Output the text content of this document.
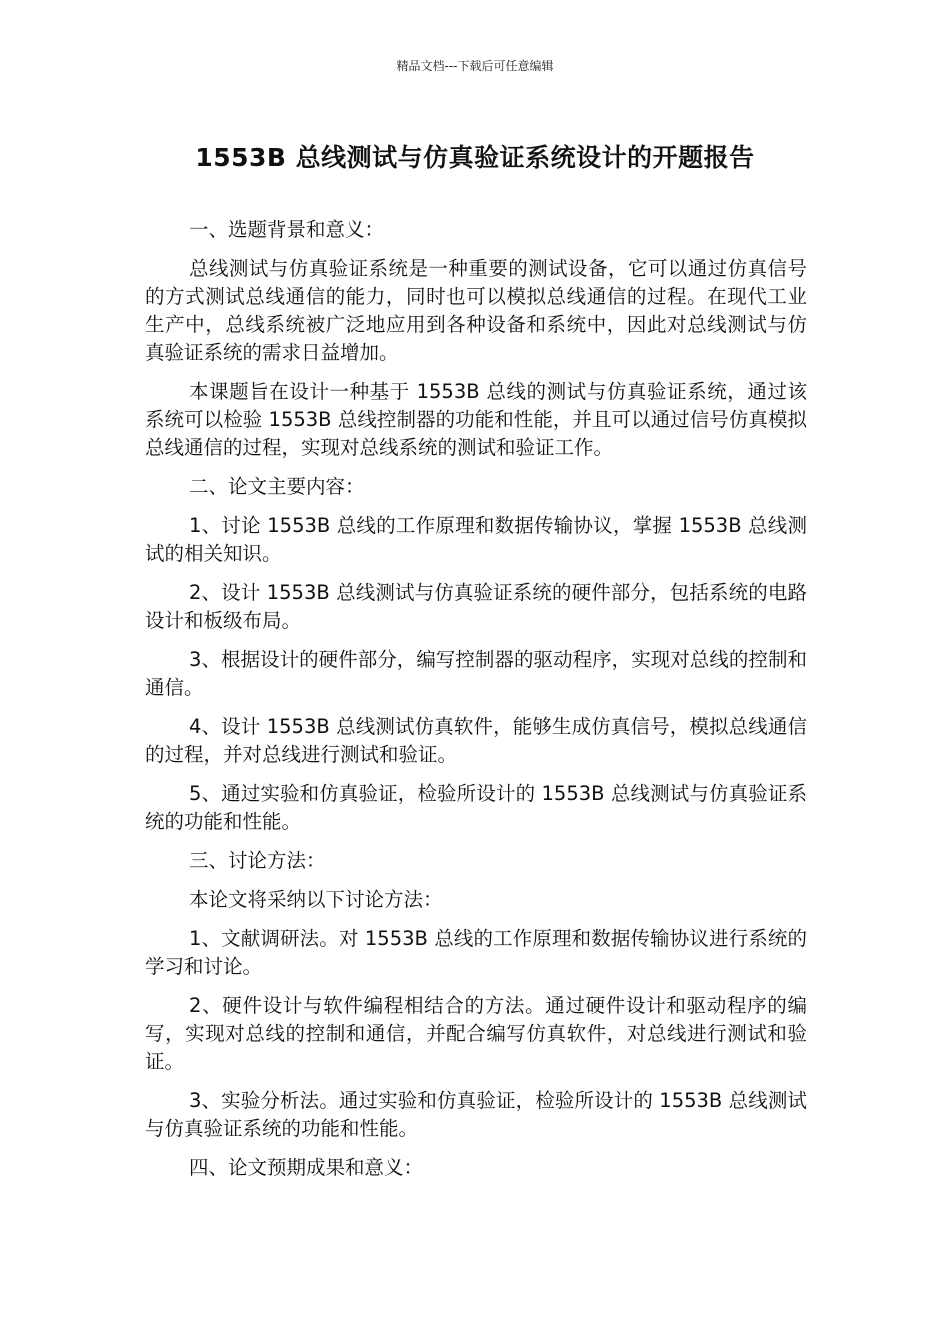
精品文档---下载后可任意编辑
1553B 总线测试与仿真验证系统设计的开题报告

一、选题背景和意义：

总线测试与仿真验证系统是一种重要的测试设备，它可以通过仿真信号的方式测试总线通信的能力，同时也可以模拟总线通信的过程。在现代工业生产中，总线系统被广泛地应用到各种设备和系统中，因此对总线测试与仿真验证系统的需求日益增加。

本课题旨在设计一种基于 1553B 总线的测试与仿真验证系统，通过该系统可以检验 1553B 总线控制器的功能和性能，并且可以通过信号仿真模拟总线通信的过程，实现对总线系统的测试和验证工作。

二、论文主要内容：

1、讨论 1553B 总线的工作原理和数据传输协议，掌握 1553B 总线测试的相关知识。

2、设计 1553B 总线测试与仿真验证系统的硬件部分，包括系统的电路设计和板级布局。

3、根据设计的硬件部分，编写控制器的驱动程序，实现对总线的控制和通信。

4、设计 1553B 总线测试仿真软件，能够生成仿真信号，模拟总线通信的过程，并对总线进行测试和验证。

5、通过实验和仿真验证，检验所设计的 1553B 总线测试与仿真验证系统的功能和性能。

三、讨论方法：

本论文将采纳以下讨论方法：

1、文献调研法。对 1553B 总线的工作原理和数据传输协议进行系统的学习和讨论。

2、硬件设计与软件编程相结合的方法。通过硬件设计和驱动程序的编写，实现对总线的控制和通信，并配合编写仿真软件，对总线进行测试和验证。

3、实验分析法。通过实验和仿真验证，检验所设计的 1553B 总线测试与仿真验证系统的功能和性能。

四、论文预期成果和意义：
